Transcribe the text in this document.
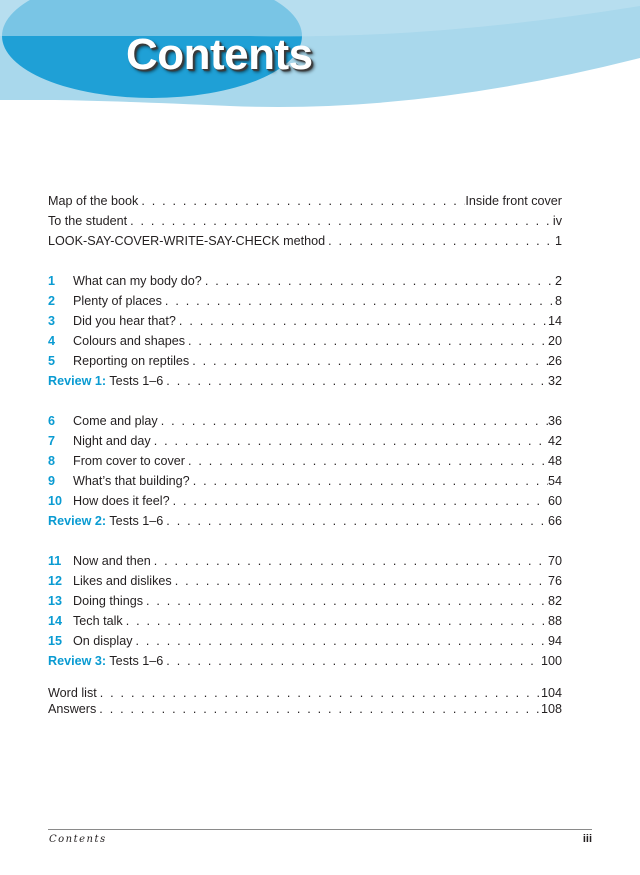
Contents
Map of the book . . .	Inside front cover
To the student . . .	iv
LOOK-SAY-COVER-WRITE-SAY-CHECK method . . .	1
1	What can my body do? . . .	2
2	Plenty of places . . .	8
3	Did you hear that? . . .	14
4	Colours and shapes . . .	20
5	Reporting on reptiles . . .	26
Review 1: Tests 1–6 . . .	32
6	Come and play . . .	36
7	Night and day . . .	42
8	From cover to cover . . .	48
9	What’s that building? . . .	54
10 How does it feel? . . .	60
Review 2: Tests 1–6 . . .	66
11 Now and then . . .	70
12 Likes and dislikes . . .	76
13 Doing things . . .	82
14 Tech talk . . .	88
15 On display . . .	94
Review 3: Tests 1–6 . . .	100
Word list . . .	104
Answers . . .	108
Contents	iii
